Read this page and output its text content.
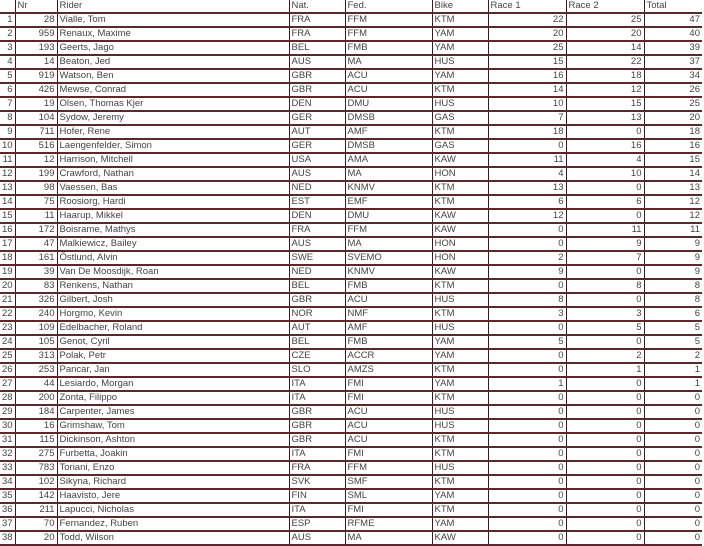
	Nr	Rider	Nat.	Fed.	Bike	Race 1	Race 2	Total
1	28	Vialle, Tom	FRA	FFM	KTM	22	25	47
2	959	Renaux, Maxime	FRA	FFM	YAM	20	20	40
3	193	Geerts, Jago	BEL	FMB	YAM	25	14	39
4	14	Beaton, Jed	AUS	MA	HUS	15	22	37
5	919	Watson, Ben	GBR	ACU	YAM	16	18	34
6	426	Mewse, Conrad	GBR	ACU	KTM	14	12	26
7	19	Olsen, Thomas Kjer	DEN	DMU	HUS	10	15	25
8	104	Sydow, Jeremy	GER	DMSB	GAS	7	13	20
9	711	Hofer, Rene	AUT	AMF	KTM	18	0	18
10	516	Laengenfelder, Simon	GER	DMSB	GAS	0	16	16
11	12	Harrison, Mitchell	USA	AMA	KAW	11	4	15
12	199	Crawford, Nathan	AUS	MA	HON	4	10	14
13	98	Vaessen, Bas	NED	KNMV	KTM	13	0	13
14	75	Roosiorg, Hardi	EST	EMF	KTM	6	6	12
15	11	Haarup, Mikkel	DEN	DMU	KAW	12	0	12
16	172	Boisrame, Mathys	FRA	FFM	KAW	0	11	11
17	47	Malkiewicz, Bailey	AUS	MA	HON	0	9	9
18	161	Östlund, Alvin	SWE	SVEMO	HON	2	7	9
19	39	Van De Moosdijk, Roan	NED	KNMV	KAW	9	0	9
20	83	Renkens, Nathan	BEL	FMB	KTM	0	8	8
21	326	Gilbert, Josh	GBR	ACU	HUS	8	0	8
22	240	Horgmo, Kevin	NOR	NMF	KTM	3	3	6
23	109	Edelbacher, Roland	AUT	AMF	HUS	0	5	5
24	105	Genot, Cyril	BEL	FMB	YAM	5	0	5
25	313	Polak, Petr	CZE	ACCR	YAM	0	2	2
26	253	Pancar, Jan	SLO	AMZS	KTM	0	1	1
27	44	Lesiardo, Morgan	ITA	FMI	YAM	1	0	1
28	200	Zonta, Filippo	ITA	FMI	KTM	0	0	0
29	184	Carpenter, James	GBR	ACU	HUS	0	0	0
30	16	Grimshaw, Tom	GBR	ACU	HUS	0	0	0
31	115	Dickinson, Ashton	GBR	ACU	KTM	0	0	0
32	275	Furbetta, Joakin	ITA	FMI	KTM	0	0	0
33	783	Toriani, Enzo	FRA	FFM	HUS	0	0	0
34	102	Sikyna, Richard	SVK	SMF	KTM	0	0	0
35	142	Haavisto, Jere	FIN	SML	YAM	0	0	0
36	211	Lapucci, Nicholas	ITA	FMI	KTM	0	0	0
37	70	Fernandez, Ruben	ESP	RFME	YAM	0	0	0
38	20	Todd, Wilson	AUS	MA	KAW	0	0	0
